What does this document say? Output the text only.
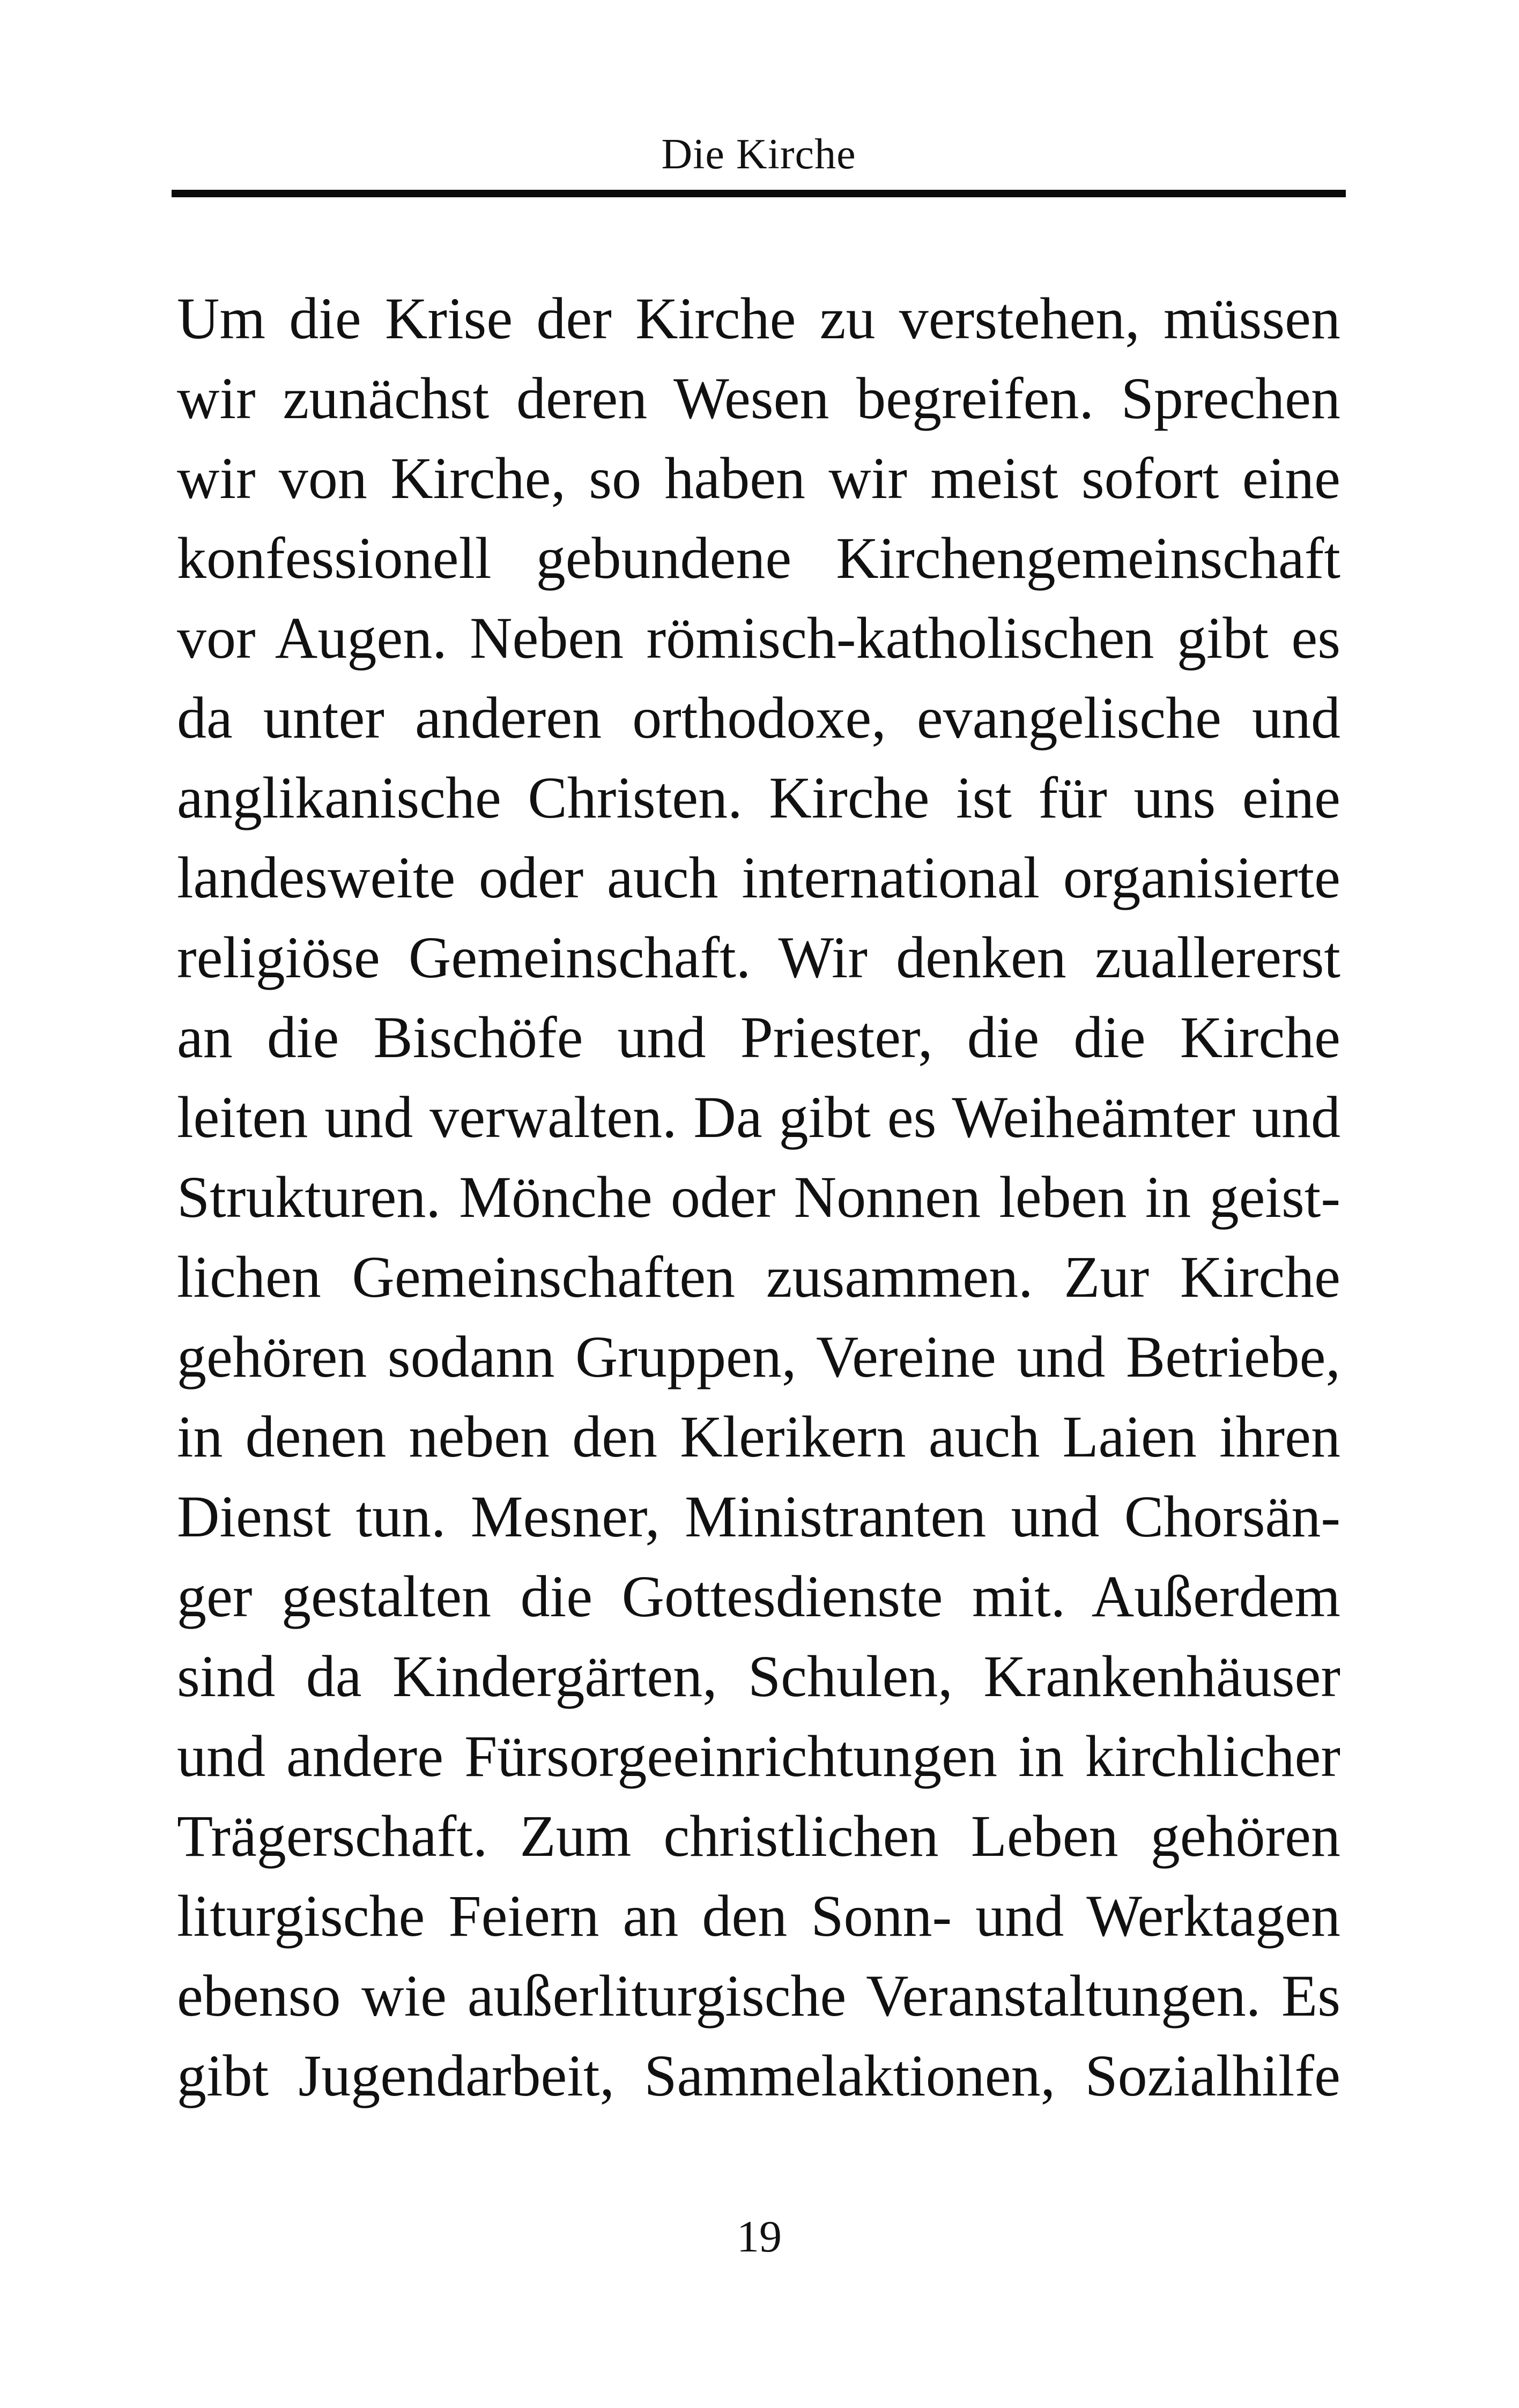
Die Kirche
Um die Krise der Kirche zu verstehen, müssen
wir zunächst deren Wesen begreifen. Sprechen
wir von Kirche, so haben wir meist sofort eine
konfessionell gebundene Kirchengemeinschaft
vor Augen. Neben römisch-katholischen gibt es
da unter anderen orthodoxe, evangelische und
anglikanische Christen. Kirche ist für uns eine
landesweite oder auch international organisierte
religiöse Gemeinschaft. Wir denken zuallererst
an die Bischöfe und Priester, die die Kirche
leiten und verwalten. Da gibt es Weiheämter und
Strukturen. Mönche oder Nonnen leben in geist-
lichen Gemeinschaften zusammen. Zur Kirche
gehören sodann Gruppen, Vereine und Betriebe,
in denen neben den Klerikern auch Laien ihren
Dienst tun. Mesner, Ministranten und Chorsän-
ger gestalten die Gottesdienste mit. Außerdem
sind da Kindergärten, Schulen, Krankenhäuser
und andere Fürsorgeeinrichtungen in kirchlicher
Trägerschaft. Zum christlichen Leben gehören
liturgische Feiern an den Sonn- und Werktagen
ebenso wie außerliturgische Veranstaltungen. Es
gibt Jugendarbeit, Sammelaktionen, Sozialhilfe
19
